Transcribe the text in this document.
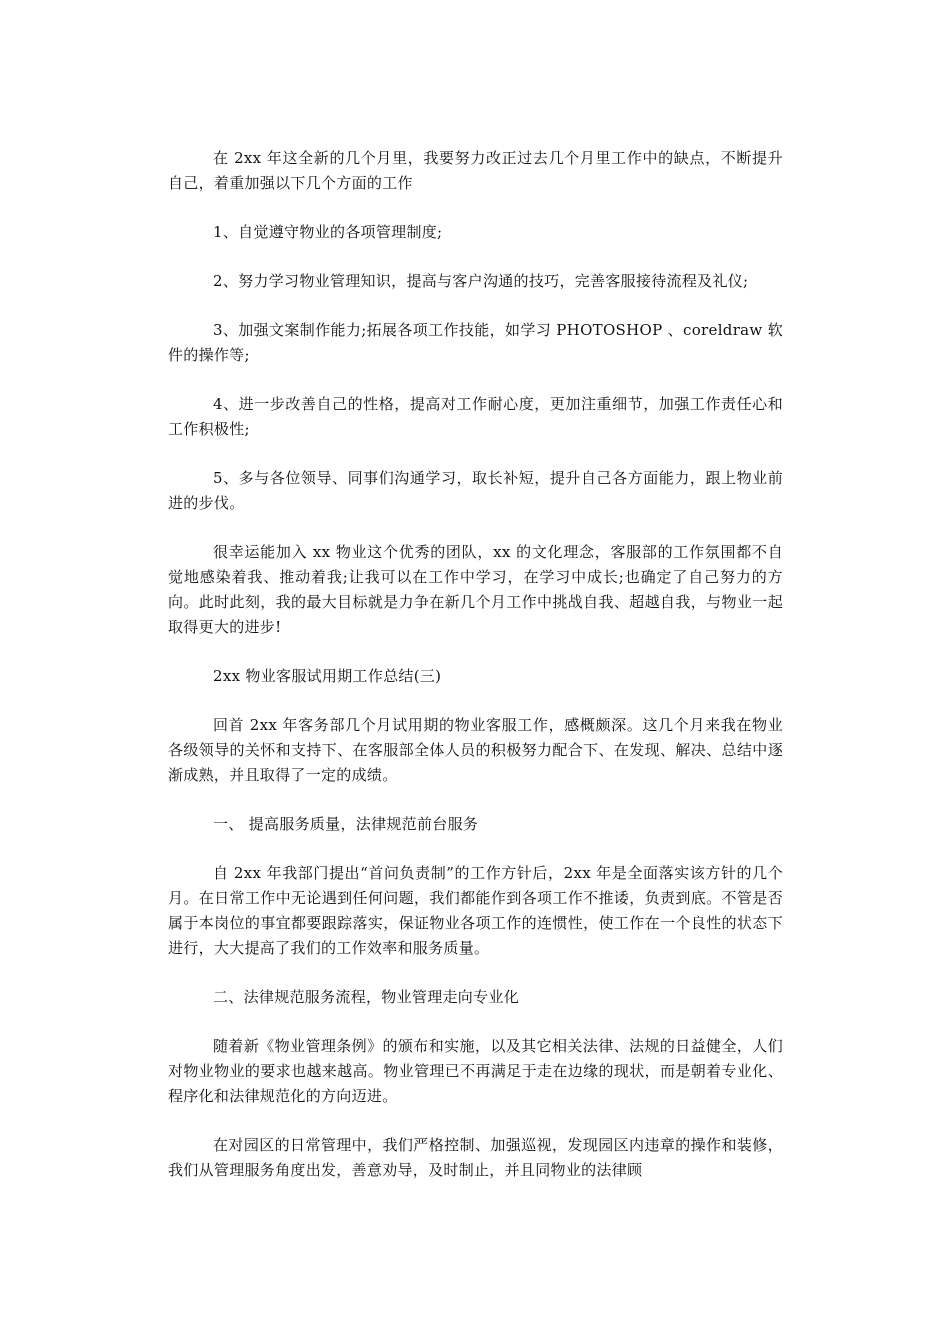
在 2xx 年这全新的几个月里，我要努力改正过去几个月里工作中的缺点，不断提升自己，着重加强以下几个方面的工作

1、自觉遵守物业的各项管理制度;

2、努力学习物业管理知识，提高与客户沟通的技巧，完善客服接待流程及礼仪;

3、加强文案制作能力;拓展各项工作技能，如学习 PHOTOSHOP 、coreldraw 软件的操作等;

4、进一步改善自己的性格，提高对工作耐心度，更加注重细节，加强工作责任心和工作积极性;

5、多与各位领导、同事们沟通学习，取长补短，提升自己各方面能力，跟上物业前进的步伐。

很幸运能加入 xx 物业这个优秀的团队，xx 的文化理念，客服部的工作氛围都不自觉地感染着我、推动着我;让我可以在工作中学习，在学习中成长;也确定了自己努力的方向。此时此刻，我的最大目标就是力争在新几个月工作中挑战自我、超越自我，与物业一起取得更大的进步!

2xx 物业客服试用期工作总结(三)

回首 2xx 年客务部几个月试用期的物业客服工作，感概颇深。这几个月来我在物业各级领导的关怀和支持下、在客服部全体人员的积极努力配合下、在发现、解决、总结中逐渐成熟，并且取得了一定的成绩。

一、 提高服务质量，法律规范前台服务

自 2xx 年我部门提出“首问负责制”的工作方针后，2xx 年是全面落实该方针的几个月。在日常工作中无论遇到任何问题，我们都能作到各项工作不推诿，负责到底。不管是否属于本岗位的事宜都要跟踪落实，保证物业各项工作的连惯性，使工作在一个良性的状态下进行，大大提高了我们的工作效率和服务质量。

二、法律规范服务流程，物业管理走向专业化

随着新《物业管理条例》的颁布和实施，以及其它相关法律、法规的日益健全，人们对物业物业的要求也越来越高。物业管理已不再满足于走在边缘的现状，而是朝着专业化、程序化和法律规范化的方向迈进。

在对园区的日常管理中，我们严格控制、加强巡视，发现园区内违章的操作和装修，我们从管理服务角度出发，善意劝导，及时制止，并且同物业的法律顾
